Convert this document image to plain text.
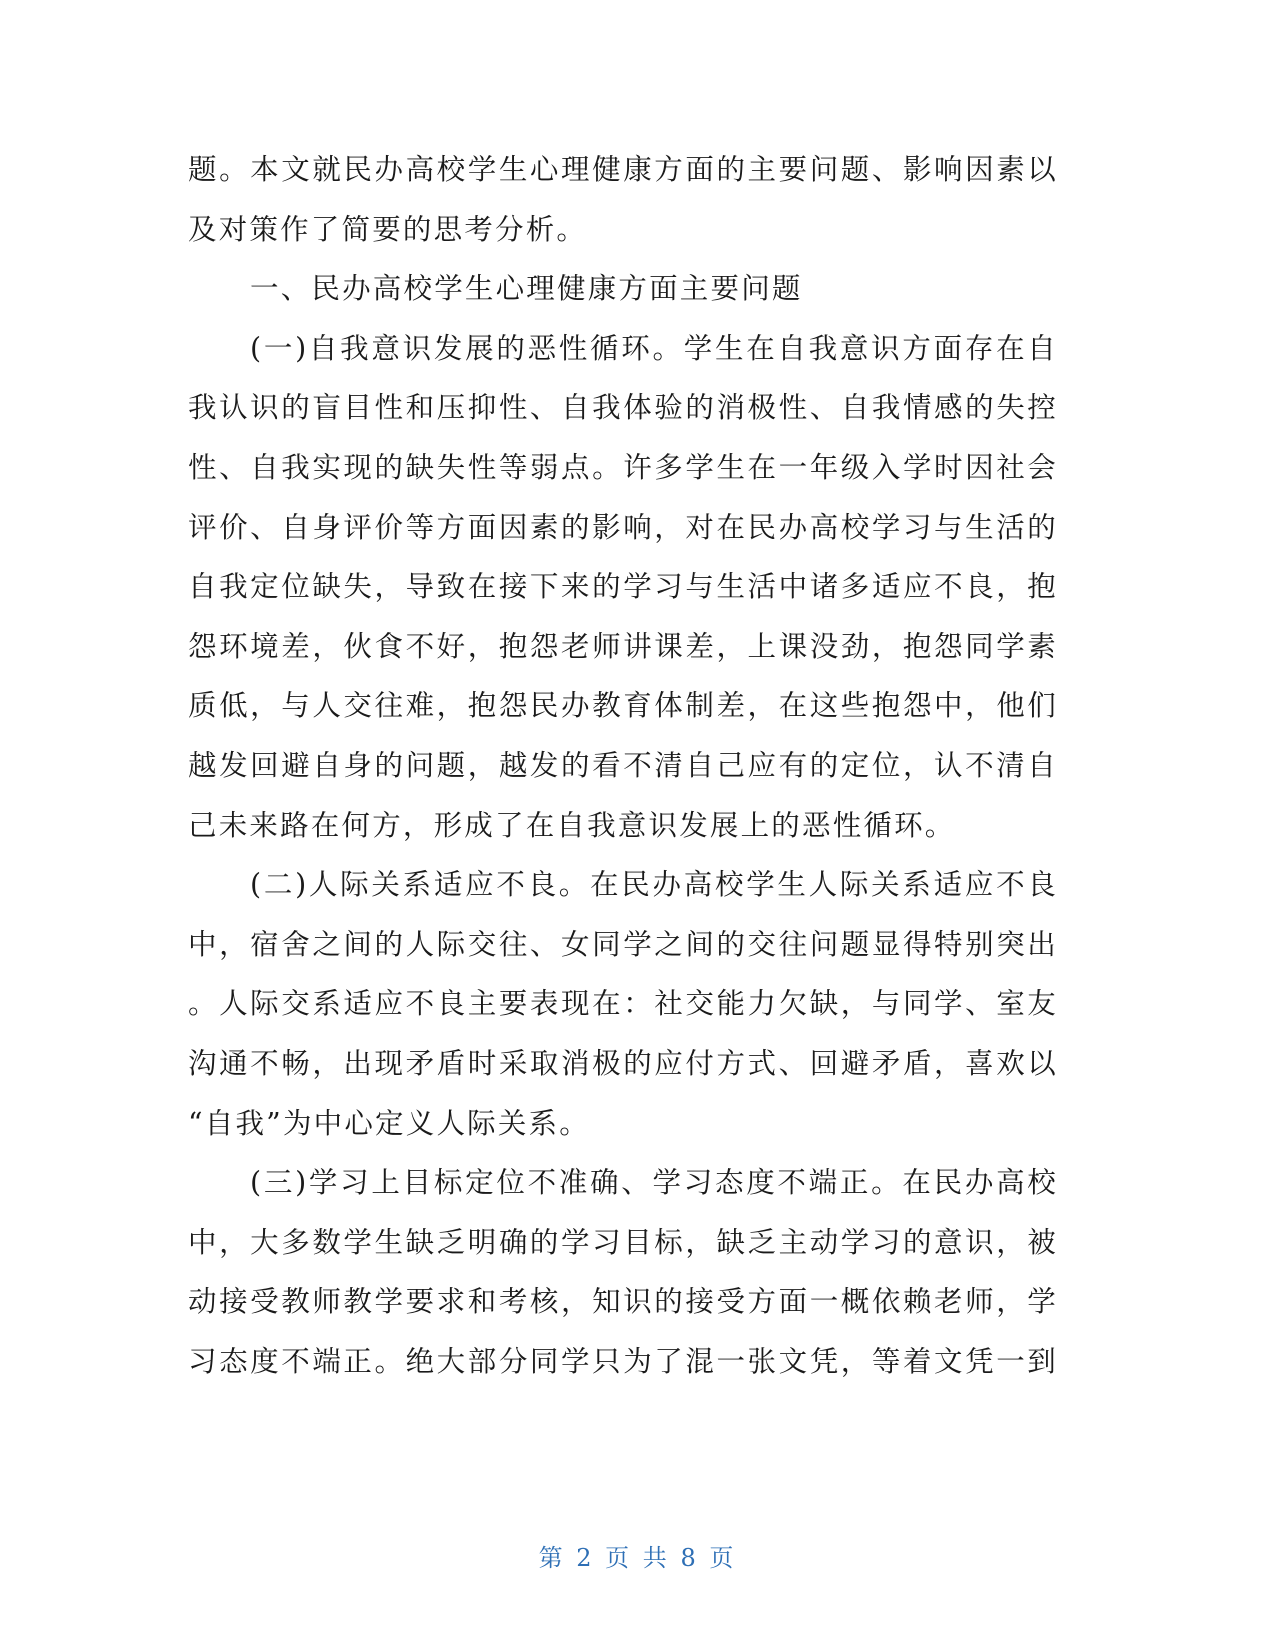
题。本文就民办高校学生心理健康方面的主要问题、影响因素以
及对策作了简要的思考分析。
一、民办高校学生心理健康方面主要问题
(一)自我意识发展的恶性循环。学生在自我意识方面存在自
我认识的盲目性和压抑性、自我体验的消极性、自我情感的失控
性、自我实现的缺失性等弱点。许多学生在一年级入学时因社会
评价、自身评价等方面因素的影响，对在民办高校学习与生活的
自我定位缺失，导致在接下来的学习与生活中诸多适应不良，抱
怨环境差，伙食不好，抱怨老师讲课差，上课没劲，抱怨同学素
质低，与人交往难，抱怨民办教育体制差，在这些抱怨中，他们
越发回避自身的问题，越发的看不清自己应有的定位，认不清自
己未来路在何方，形成了在自我意识发展上的恶性循环。
(二)人际关系适应不良。在民办高校学生人际关系适应不良
中，宿舍之间的人际交往、女同学之间的交往问题显得特别突出
。人际交系适应不良主要表现在：社交能力欠缺，与同学、室友
沟通不畅，出现矛盾时采取消极的应付方式、回避矛盾，喜欢以
“自我”为中心定义人际关系。
(三)学习上目标定位不准确、学习态度不端正。在民办高校
中，大多数学生缺乏明确的学习目标，缺乏主动学习的意识，被
动接受教师教学要求和考核，知识的接受方面一概依赖老师，学
习态度不端正。绝大部分同学只为了混一张文凭，等着文凭一到
第 2 页 共 8 页
